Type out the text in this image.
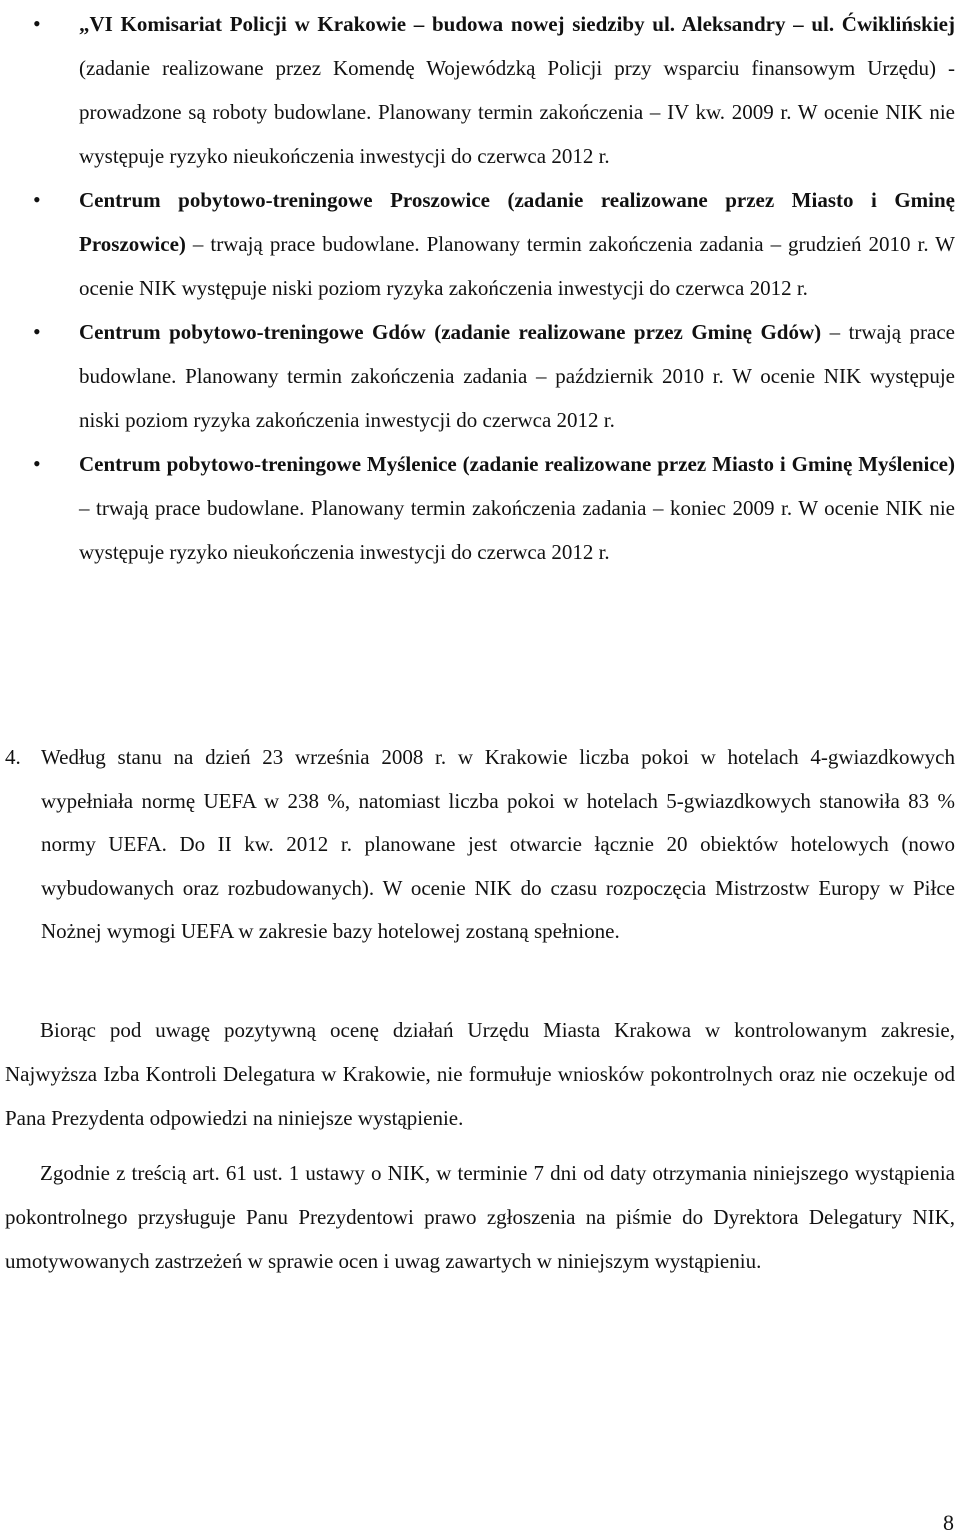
• „VI Komisariat Policji w Krakowie – budowa nowej siedziby ul. Aleksandry – ul. Ćwiklińskiej (zadanie realizowane przez Komendę Wojewódzką Policji przy wsparciu finansowym Urzędu) - prowadzone są roboty budowlane. Planowany termin zakończenia – IV kw. 2009 r. W ocenie NIK nie występuje ryzyko nieukończenia inwestycji do czerwca 2012 r.

• Centrum pobytowo-treningowe Proszowice (zadanie realizowane przez Miasto i Gminę Proszowice) – trwają prace budowlane. Planowany termin zakończenia zadania – grudzień 2010 r. W ocenie NIK występuje niski poziom ryzyka zakończenia inwestycji do czerwca 2012 r.

• Centrum pobytowo-treningowe Gdów (zadanie realizowane przez Gminę Gdów) – trwają prace budowlane. Planowany termin zakończenia zadania – październik 2010 r. W ocenie NIK występuje niski poziom ryzyka zakończenia inwestycji do czerwca 2012 r.

• Centrum pobytowo-treningowe Myślenice (zadanie realizowane przez Miasto i Gminę Myślenice) – trwają prace budowlane. Planowany termin zakończenia zadania – koniec 2009 r. W ocenie NIK nie występuje ryzyko nieukończenia inwestycji do czerwca 2012 r.

4. Według stanu na dzień 23 września 2008 r. w Krakowie liczba pokoi w hotelach 4-gwiazdkowych wypełniała normę UEFA w 238 %, natomiast liczba pokoi w hotelach 5-gwiazdkowych stanowiła 83 % normy UEFA. Do II kw. 2012 r. planowane jest otwarcie łącznie 20 obiektów hotelowych (nowo wybudowanych oraz rozbudowanych). W ocenie NIK do czasu rozpoczęcia Mistrzostw Europy w Piłce Nożnej wymogi UEFA w zakresie bazy hotelowej zostaną spełnione.

Biorąc pod uwagę pozytywną ocenę działań Urzędu Miasta Krakowa w kontrolowanym zakresie, Najwyższa Izba Kontroli Delegatura w Krakowie, nie formułuje wniosków pokontrolnych oraz nie oczekuje od Pana Prezydenta odpowiedzi na niniejsze wystąpienie.

Zgodnie z treścią art. 61 ust. 1 ustawy o NIK, w terminie 7 dni od daty otrzymania niniejszego wystąpienia pokontrolnego przysługuje Panu Prezydentowi prawo zgłoszenia na piśmie do Dyrektora Delegatury NIK, umotywowanych zastrzeżeń w sprawie ocen i uwag zawartych w niniejszym wystąpieniu.

8
